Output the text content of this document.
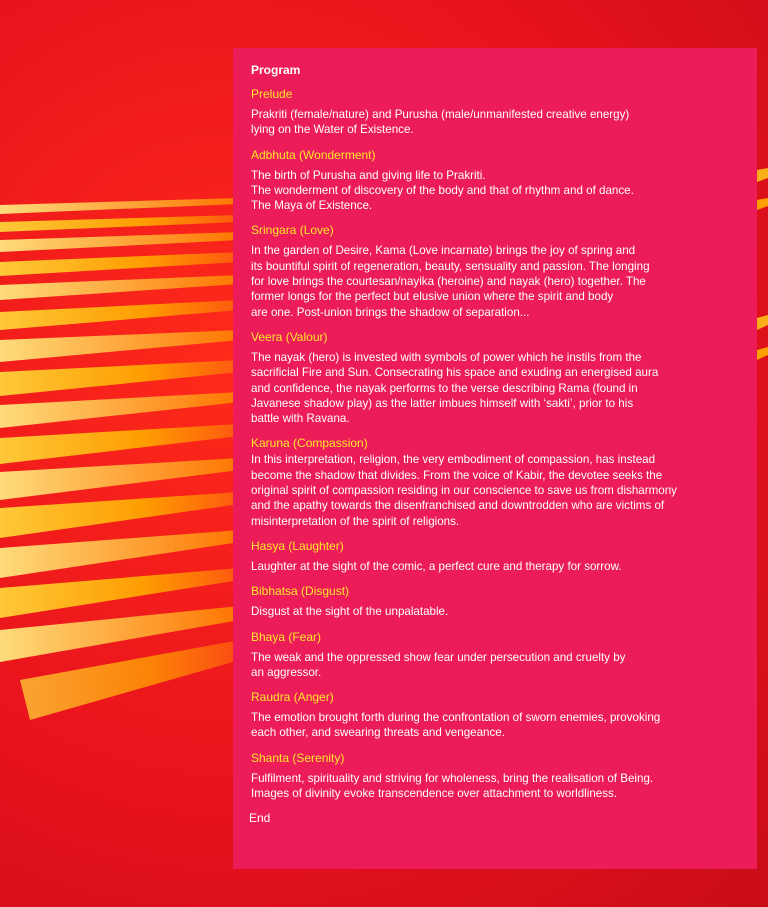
Program
Prelude
Prakriti (female/nature) and Purusha (male/unmanifested creative energy)
lying on the Water of Existence.
Adbhuta (Wonderment)
The birth of Purusha and giving life to Prakriti.
The wonderment of discovery of the body and that of rhythm and of dance.
The Maya of Existence.
Sringara (Love)
In the garden of Desire, Kama (Love incarnate) brings the joy of spring and
its bountiful spirit of regeneration, beauty, sensuality and passion. The longing
for love brings the courtesan/nayika (heroine) and nayak (hero) together. The
former longs for the perfect but elusive union where the spirit and body
are one. Post-union brings the shadow of separation...
Veera (Valour)
The nayak (hero) is invested with symbols of power which he instils from the
sacrificial Fire and Sun. Consecrating his space and exuding an energised aura
and confidence, the nayak performs to the verse describing Rama (found in
Javanese shadow play) as the latter imbues himself with ‘sakti’, prior to his
battle with Ravana.
Karuna (Compassion)
In this interpretation, religion, the very embodiment of compassion, has instead
become the shadow that divides. From the voice of Kabir, the devotee seeks the
original spirit of compassion residing in our conscience to save us from disharmony
and the apathy towards the disenfranchised and downtrodden who are victims of
misinterpretation of the spirit of religions.
Hasya (Laughter)
Laughter at the sight of the comic, a perfect cure and therapy for sorrow.
Bibhatsa (Disgust)
Disgust at the sight of the unpalatable.
Bhaya (Fear)
The weak and the oppressed show fear under persecution and cruelty by
an aggressor.
Raudra (Anger)
The emotion brought forth during the confrontation of sworn enemies, provoking
each other, and swearing threats and vengeance.
Shanta (Serenity)
Fulfilment, spirituality and striving for wholeness, bring the realisation of Being.
Images of divinity evoke transcendence over attachment to worldliness.
End
